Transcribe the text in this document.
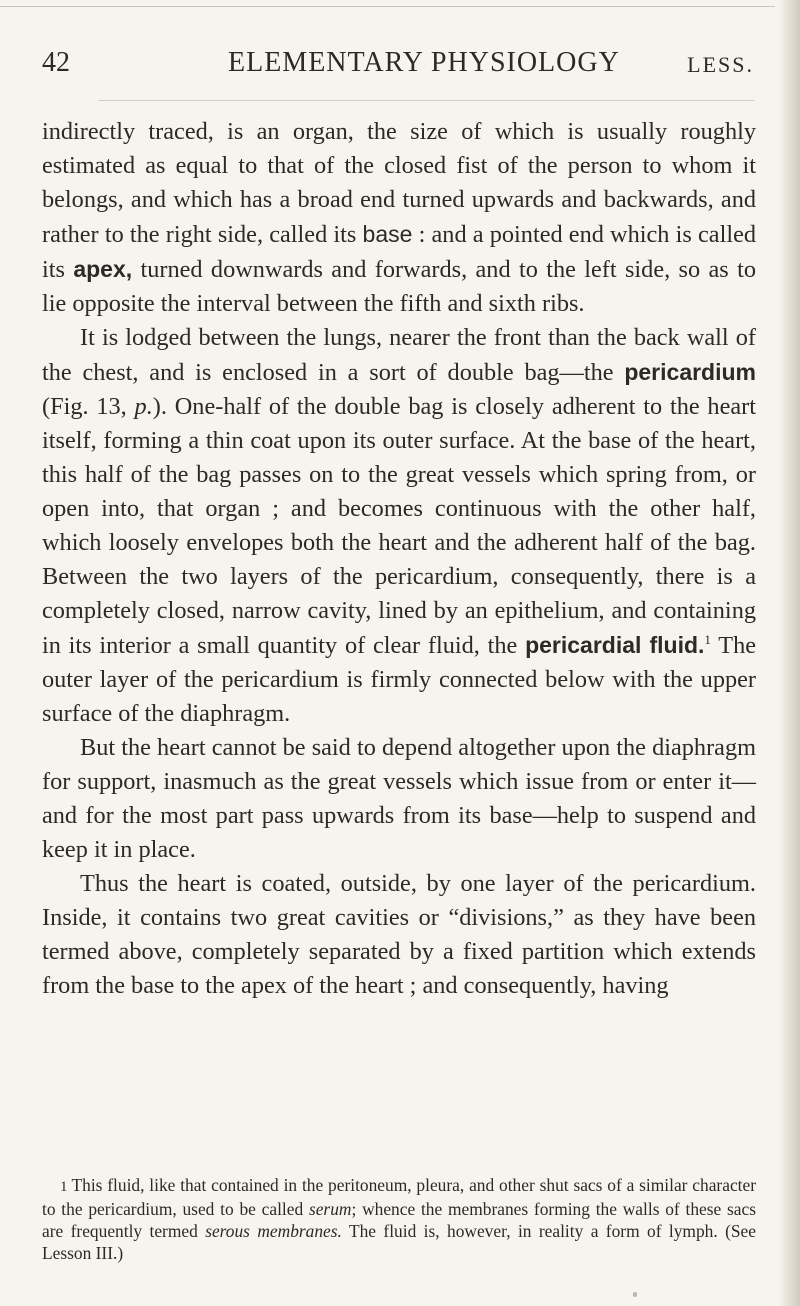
42	ELEMENTARY PHYSIOLOGY	LESS.

indirectly traced, is an organ, the size of which is usually roughly estimated as equal to that of the closed fist of the person to whom it belongs, and which has a broad end turned upwards and backwards, and rather to the right side, called its base : and a pointed end which is called its apex, turned downwards and forwards, and to the left side, so as to lie opposite the interval between the fifth and sixth ribs.

It is lodged between the lungs, nearer the front than the back wall of the chest, and is enclosed in a sort of double bag—the pericardium (Fig. 13, p.). One-half of the double bag is closely adherent to the heart itself, forming a thin coat upon its outer surface. At the base of the heart, this half of the bag passes on to the great vessels which spring from, or open into, that organ ; and becomes continuous with the other half, which loosely envelopes both the heart and the adherent half of the bag. Between the two layers of the pericardium, consequently, there is a completely closed, narrow cavity, lined by an epithelium, and containing in its interior a small quantity of clear fluid, the pericardial fluid.$^1$ The outer layer of the pericardium is firmly connected below with the upper surface of the diaphragm.

But the heart cannot be said to depend altogether upon the diaphragm for support, inasmuch as the great vessels which issue from or enter it—and for the most part pass upwards from its base—help to suspend and keep it in place.

Thus the heart is coated, outside, by one layer of the pericardium. Inside, it contains two great cavities or “divisions,” as they have been termed above, completely separated by a fixed partition which extends from the base to the apex of the heart ; and consequently, having

1 This fluid, like that contained in the peritoneum, pleura, and other shut sacs of a similar character to the pericardium, used to be called serum; whence the membranes forming the walls of these sacs are frequently termed serous membranes. The fluid is, however, in reality a form of lymph. (See Lesson III.)
